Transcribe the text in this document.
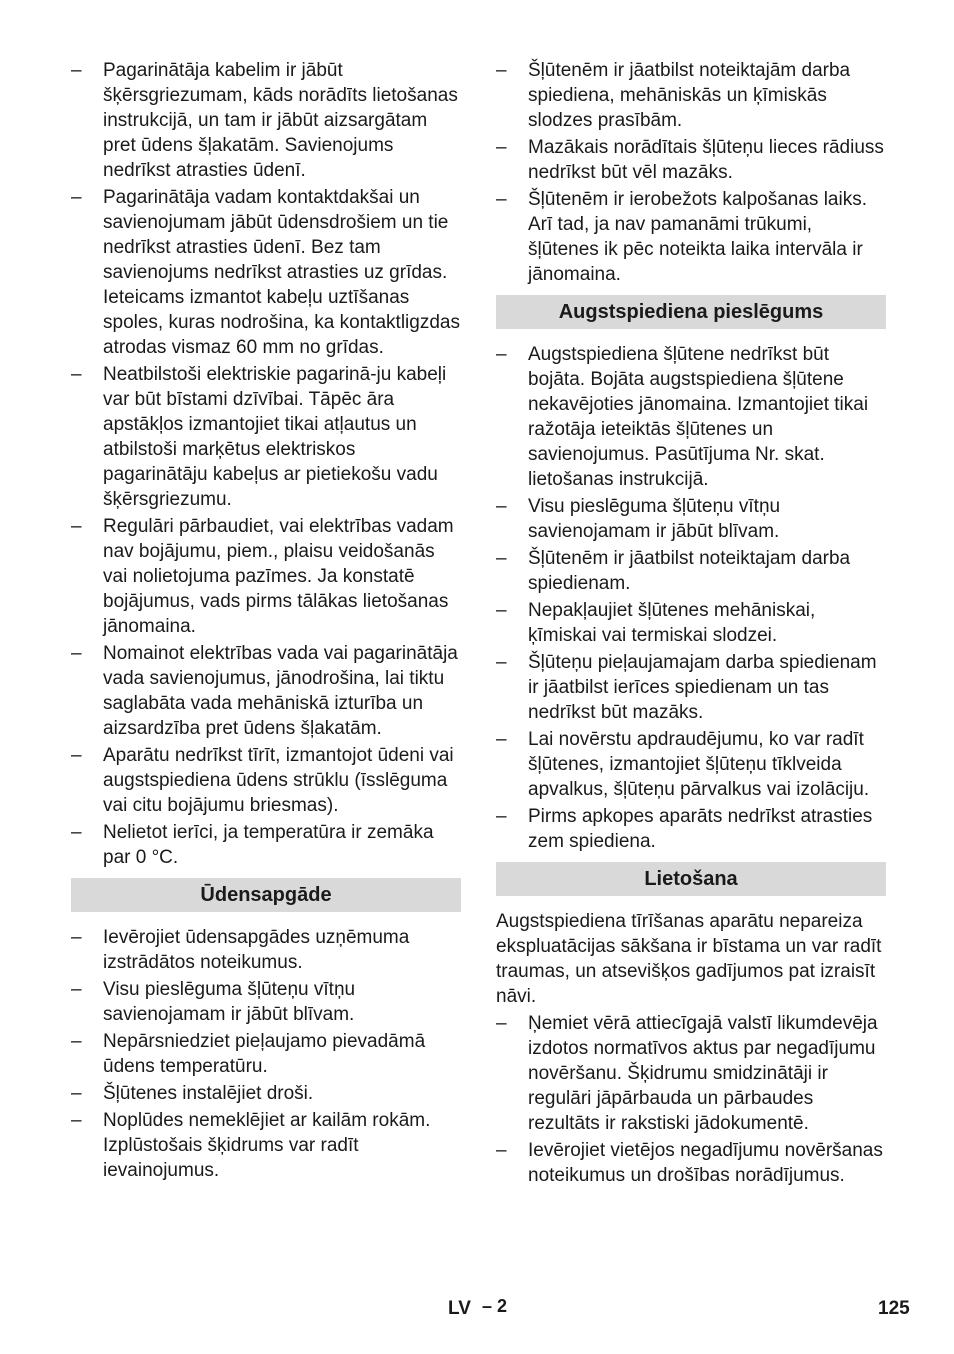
–	Pagarinātāja kabelim ir jābūt šķērsgriezumam, kāds norādīts lietošanas instrukcijā, un tam ir jābūt aizsargātam pret ūdens šļakatām. Savienojums nedrīkst atrasties ūdenī.
–	Pagarinātāja vadam kontaktdakšai un savienojumam jābūt ūdensdrošiem un tie nedrīkst atrasties ūdenī. Bez tam savienojums nedrīkst atrasties uz grīdas. Ieteicams izmantot kabeļu uztīšanas spoles, kuras nodrošina, ka kontaktligzdas atrodas vismaz 60 mm no grīdas.
–	Neatbilstoši elektriskie pagarinā-ju kabeļi var būt bīstami dzīvībai. Tāpēc āra apstākļos izmantojiet tikai atļautus un atbilstoši marķētus elektriskos pagarinātāju kabeļus ar pietiekošu vadu šķērsgriezumu.
–	Regulāri pārbaudiet, vai elektrības vadam nav bojājumu, piem., plaisu veidošanās vai nolietojuma pazīmes. Ja konstatē bojājumus, vads pirms tālākas lietošanas jānomaina.
–	Nomainot elektrības vada vai pagarinātāja vada savienojumus, jānodrošina, lai tiktu saglabāta vada mehāniskā izturība un aizsardzība pret ūdens šļakatām.
–	Aparātu nedrīkst tīrīt, izmantojot ūdeni vai augstspiediena ūdens strūklu (īsslēguma vai citu bojājumu briesmas).
–	Nelietot ierīci, ja temperatūra ir zemāka par 0 °C.
Ūdensapgāde
–	Ievērojiet ūdensapgādes uzņēmuma izstrādātos noteikumus.
–	Visu pieslēguma šļūteņu vītņu savienojamam ir jābūt blīvam.
–	Nepārsniedziet pieļaujamo pievadāmā ūdens temperatūru.
–	Šļūtenes instalējiet droši.
–	Noplūdes nemeklējiet ar kailām rokām. Izplūstošais šķidrums var radīt ievainojumus.
–	Šļūtenēm ir jāatbilst noteiktajām darba spiediena, mehāniskās un ķīmiskās slodzes prasībām.
–	Mazākais norādītais šļūteņu lieces rādiuss nedrīkst būt vēl mazāks.
–	Šļūtenēm ir ierobežots kalpošanas laiks. Arī tad, ja nav pamanāmi trūkumi, šļūtenes ik pēc noteikta laika intervāla ir jānomaina.
Augstspiediena pieslēgums
–	Augstspiediena šļūtene nedrīkst būt bojāta. Bojāta augstspiediena šļūtene nekavējoties jānomaina. Izmantojiet tikai ražotāja ieteiktās šļūtenes un savienojumus. Pasūtījuma Nr. skat. lietošanas instrukcijā.
–	Visu pieslēguma šļūteņu vītņu savienojamam ir jābūt blīvam.
–	Šļūtenēm ir jāatbilst noteiktajam darba spiedienam.
–	Nepakļaujiet šļūtenes mehāniskai, ķīmiskai vai termiskai slodzei.
–	Šļūteņu pieļaujamajam darba spiedienam ir jāatbilst ierīces spiedienam un tas nedrīkst būt mazāks.
–	Lai novērstu apdraudējumu, ko var radīt šļūtenes, izmantojiet šļūteņu tīklveida apvalkus, šļūteņu pārvalkus vai izolāciju.
–	Pirms apkopes aparāts nedrīkst atrasties zem spiediena.
Lietošana
Augstspiediena tīrīšanas aparātu nepareiza ekspluatācijas sākšana ir bīstama un var radīt traumas, un atsevišķos gadījumos pat izraisīt nāvi.
–	Ņemiet vērā attiecīgajā valstī likumdevēja izdotos normatīvos aktus par negadījumu novēršanu. Šķidrumu smidzinātāji ir regulāri jāpārbauda un pārbaudes rezultāts ir rakstiski jādokumentē.
–	Ievērojiet vietējos negadījumu novēršanas noteikumus un drošības norādījumus.
LV – 2	125
